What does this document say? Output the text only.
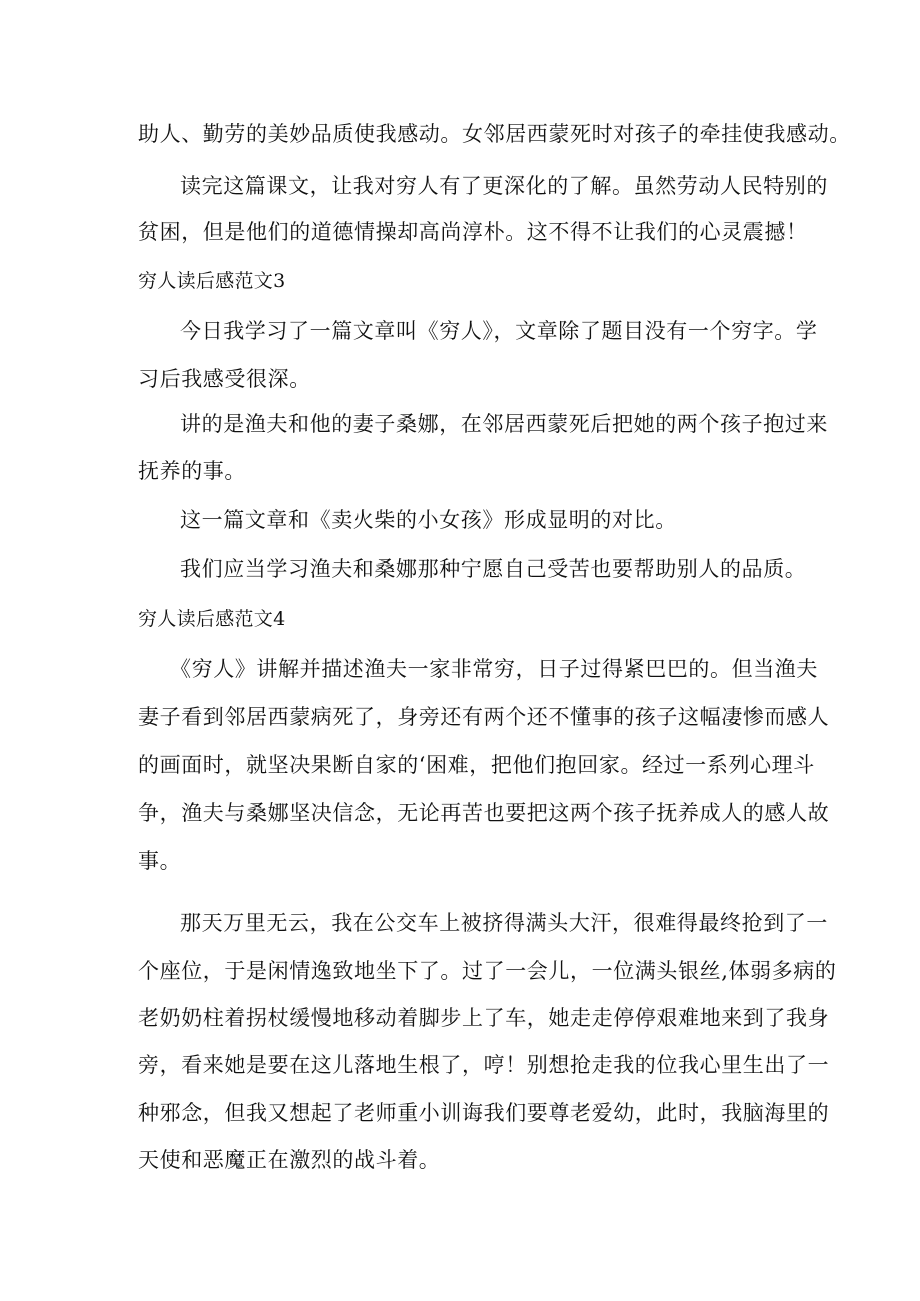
助人、勤劳的美妙品质使我感动。女邻居西蒙死时对孩子的牵挂使我感动。
读完这篇课文，让我对穷人有了更深化的了解。虽然劳动人民特别的
贫困，但是他们的道德情操却高尚淳朴。这不得不让我们的心灵震撼！
穷人读后感范文3
今日我学习了一篇文章叫《穷人》，文章除了题目没有一个穷字。学
习后我感受很深。
讲的是渔夫和他的妻子桑娜，在邻居西蒙死后把她的两个孩子抱过来
抚养的事。
这一篇文章和《卖火柴的小女孩》形成显明的对比。
我们应当学习渔夫和桑娜那种宁愿自己受苦也要帮助别人的品质。
穷人读后感范文4
《穷人》讲解并描述渔夫一家非常穷，日子过得紧巴巴的。但当渔夫
妻子看到邻居西蒙病死了，身旁还有两个还不懂事的孩子这幅凄惨而感人
的画面时，就坚决果断自家的‘困难，把他们抱回家。经过一系列心理斗
争，渔夫与桑娜坚决信念，无论再苦也要把这两个孩子抚养成人的感人故
事。
那天万里无云，我在公交车上被挤得满头大汗，很难得最终抢到了一
个座位，于是闲情逸致地坐下了。过了一会儿，一位满头银丝,体弱多病的
老奶奶柱着拐杖缓慢地移动着脚步上了车，她走走停停艰难地来到了我身
旁，看来她是要在这儿落地生根了，哼！别想抢走我的位我心里生出了一
种邪念，但我又想起了老师重小训诲我们要尊老爱幼，此时，我脑海里的
天使和恶魔正在激烈的战斗着。
